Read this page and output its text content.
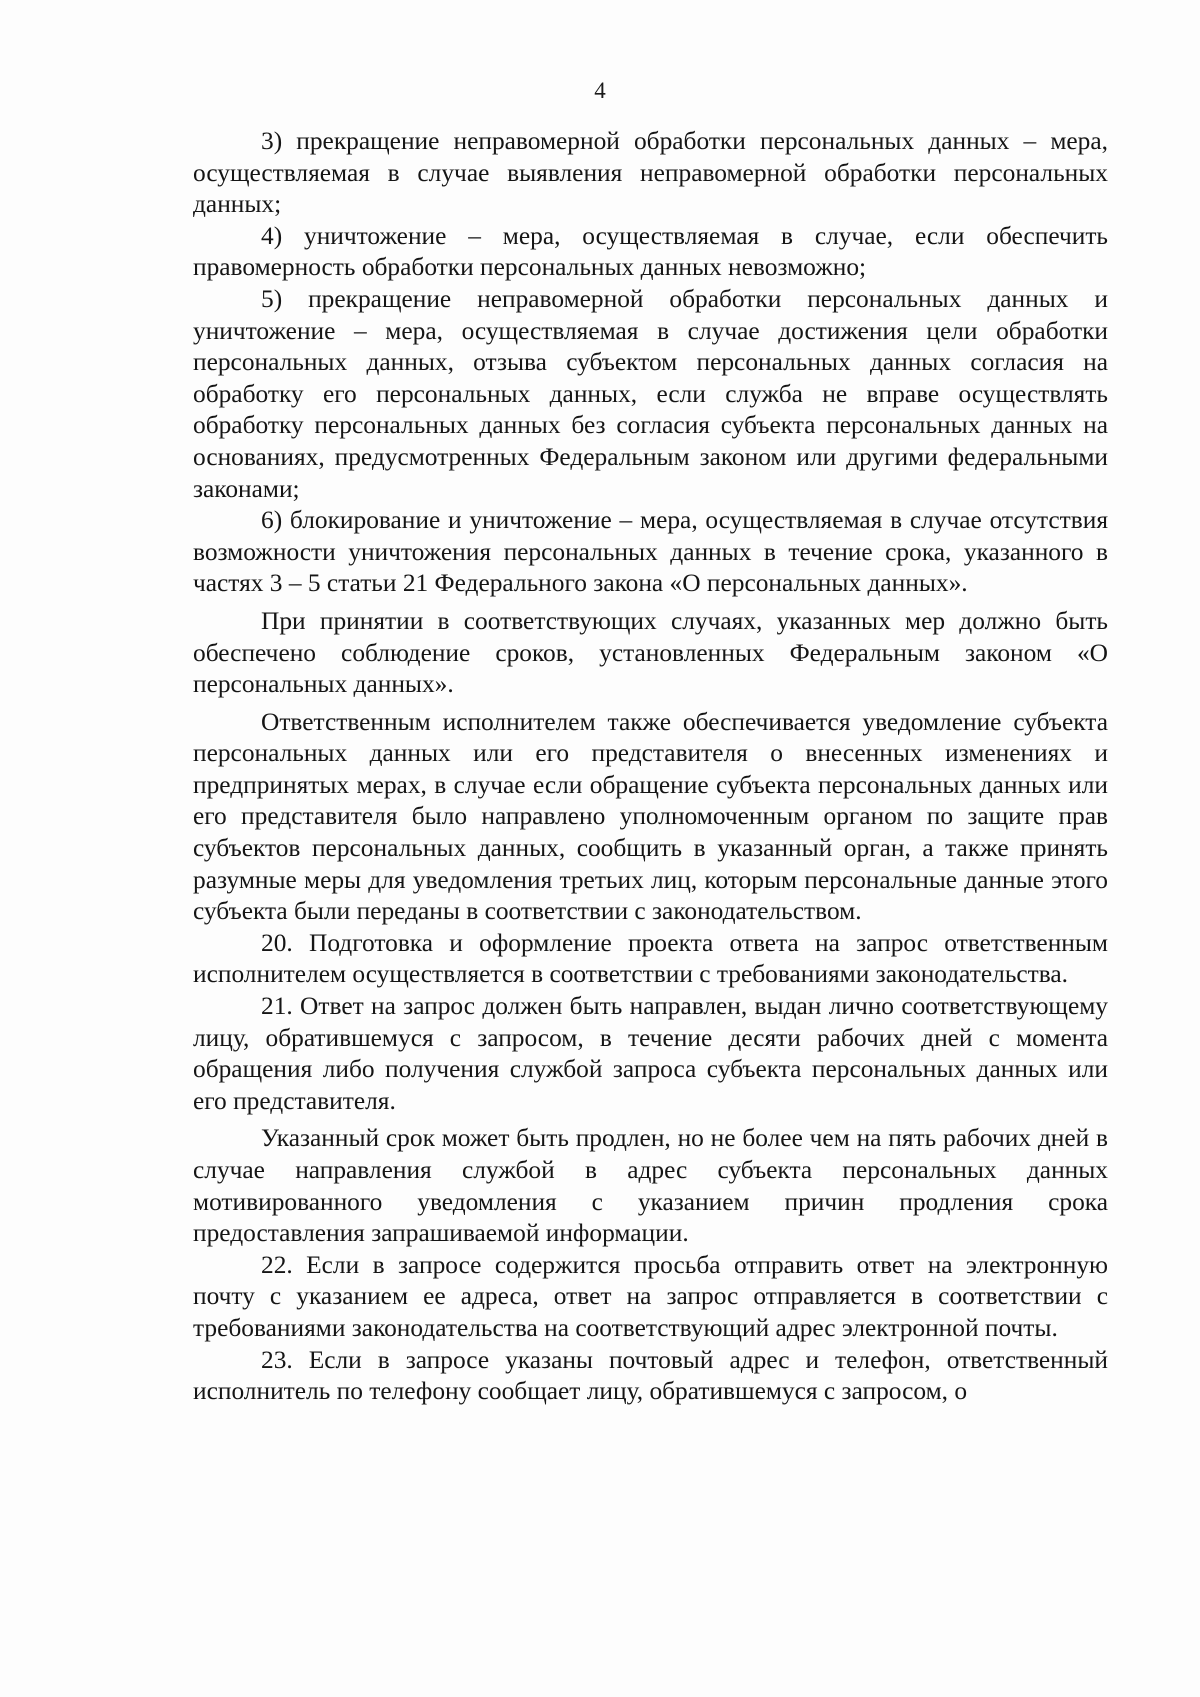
4

3) прекращение неправомерной обработки персональных данных – мера, осуществляемая в случае выявления неправомерной обработки персональных данных;

4) уничтожение – мера, осуществляемая в случае, если обеспечить правомерность обработки персональных данных невозможно;

5) прекращение неправомерной обработки персональных данных и уничтожение – мера, осуществляемая в случае достижения цели обработки персональных данных, отзыва субъектом персональных данных согласия на обработку его персональных данных, если служба не вправе осуществлять обработку персональных данных без согласия субъекта персональных данных на основаниях, предусмотренных Федеральным законом или другими федеральными законами;

6) блокирование и уничтожение – мера, осуществляемая в случае отсутствия возможности уничтожения персональных данных в течение срока, указанного в частях 3 – 5 статьи 21 Федерального закона «О персональных данных».

При принятии в соответствующих случаях, указанных мер должно быть обеспечено соблюдение сроков, установленных Федеральным законом «О персональных данных».

Ответственным исполнителем также обеспечивается уведомление субъекта персональных данных или его представителя о внесенных изменениях и предпринятых мерах, в случае если обращение субъекта персональных данных или его представителя было направлено уполномоченным органом по защите прав субъектов персональных данных, сообщить в указанный орган, а также принять разумные меры для уведомления третьих лиц, которым персональные данные этого субъекта были переданы в соответствии с законодательством.

20. Подготовка и оформление проекта ответа на запрос ответственным исполнителем осуществляется в соответствии с требованиями законодательства.

21. Ответ на запрос должен быть направлен, выдан лично соответствующему лицу, обратившемуся с запросом, в течение десяти рабочих дней с момента обращения либо получения службой запроса субъекта персональных данных или его представителя.

Указанный срок может быть продлен, но не более чем на пять рабочих дней в случае направления службой в адрес субъекта персональных данных мотивированного уведомления с указанием причин продления срока предоставления запрашиваемой информации.

22. Если в запросе содержится просьба отправить ответ на электронную почту с указанием ее адреса, ответ на запрос отправляется в соответствии с требованиями законодательства на соответствующий адрес электронной почты.

23. Если в запросе указаны почтовый адрес и телефон, ответственный исполнитель по телефону сообщает лицу, обратившемуся с запросом, о
